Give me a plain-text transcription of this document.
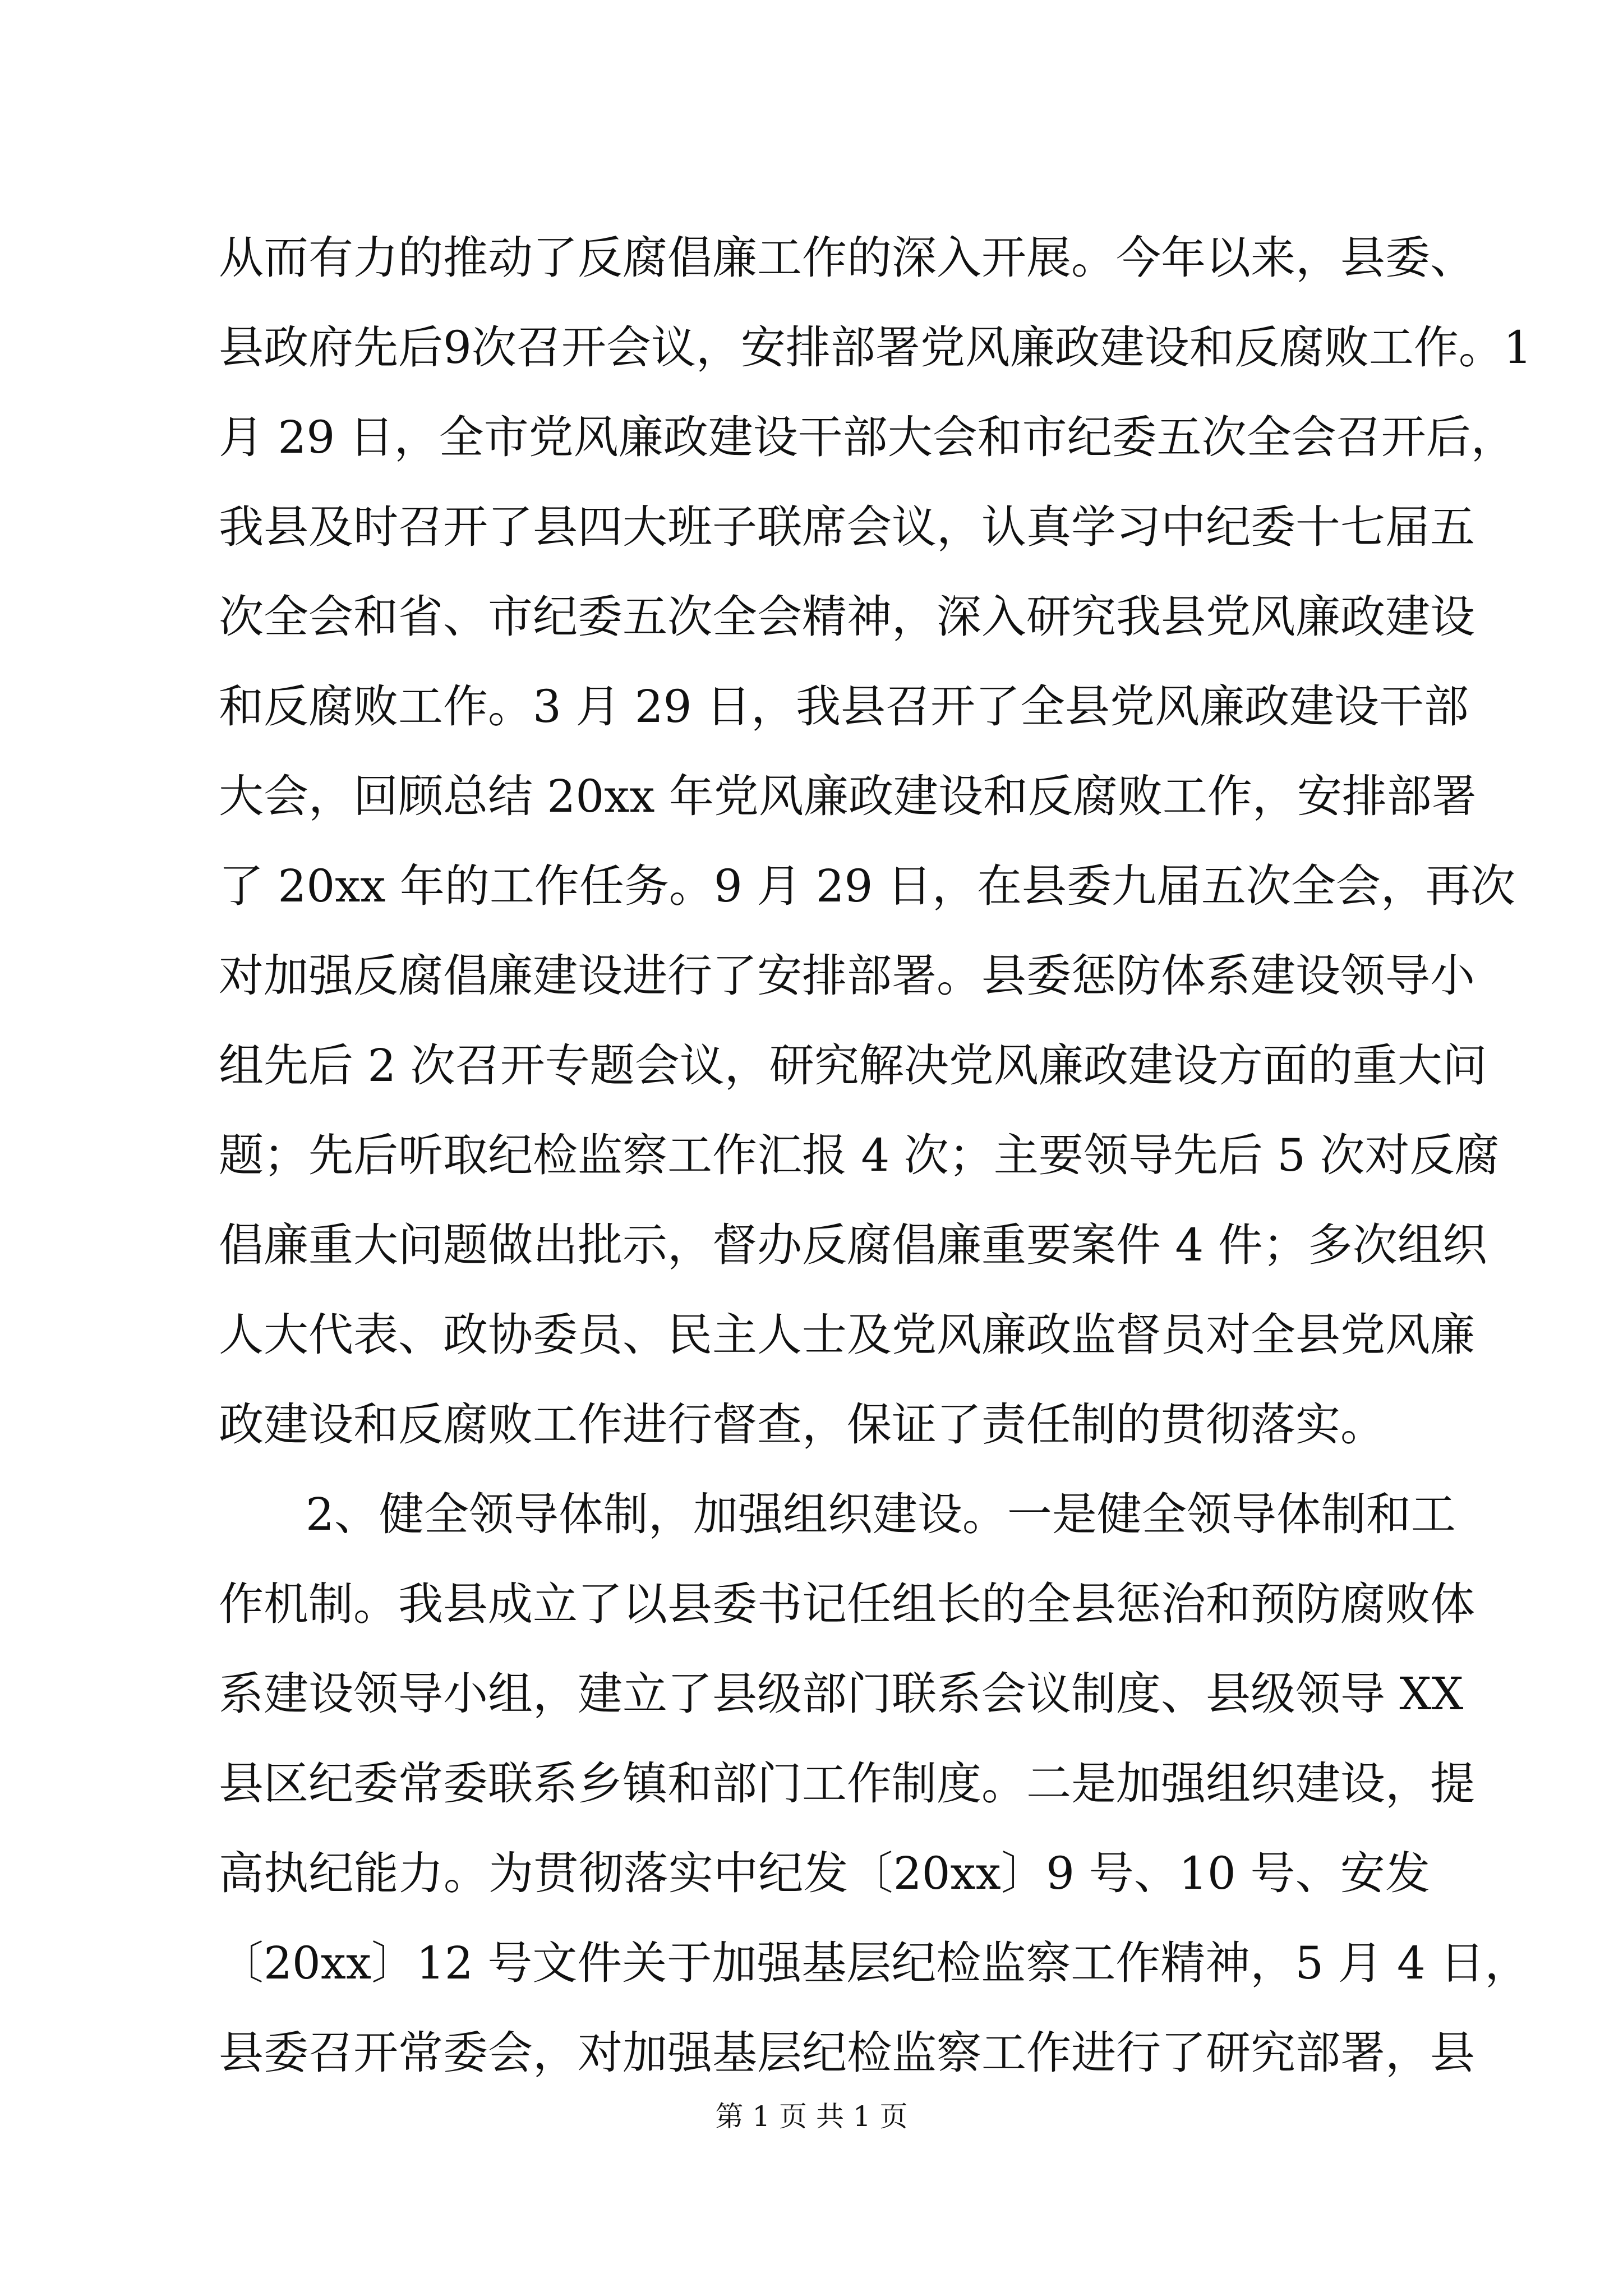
从而有力的推动了反腐倡廉工作的深入开展。今年以来，县委、

县政府先后9次召开会议，安排部署党风廉政建设和反腐败工作。1

月 29 日，全市党风廉政建设干部大会和市纪委五次全会召开后，

我县及时召开了县四大班子联席会议，认真学习中纪委十七届五

次全会和省、市纪委五次全会精神，深入研究我县党风廉政建设

和反腐败工作。3 月 29 日，我县召开了全县党风廉政建设干部

大会，回顾总结 20xx 年党风廉政建设和反腐败工作，安排部署

了 20xx 年的工作任务。9 月 29 日，在县委九届五次全会，再次

对加强反腐倡廉建设进行了安排部署。县委惩防体系建设领导小

组先后 2 次召开专题会议，研究解决党风廉政建设方面的重大问

题；先后听取纪检监察工作汇报 4 次；主要领导先后 5 次对反腐

倡廉重大问题做出批示，督办反腐倡廉重要案件 4 件；多次组织

人大代表、政协委员、民主人士及党风廉政监督员对全县党风廉

政建设和反腐败工作进行督查，保证了责任制的贯彻落实。

2、健全领导体制，加强组织建设。一是健全领导体制和工

作机制。我县成立了以县委书记任组长的全县惩治和预防腐败体

系建设领导小组，建立了县级部门联系会议制度、县级领导 XX

县区纪委常委联系乡镇和部门工作制度。二是加强组织建设，提

高执纪能力。为贯彻落实中纪发〔20xx〕9 号、10 号、安发

〔20xx〕12 号文件关于加强基层纪检监察工作精神，5 月 4 日，

县委召开常委会，对加强基层纪检监察工作进行了研究部署，县

第 1 页 共 1 页
